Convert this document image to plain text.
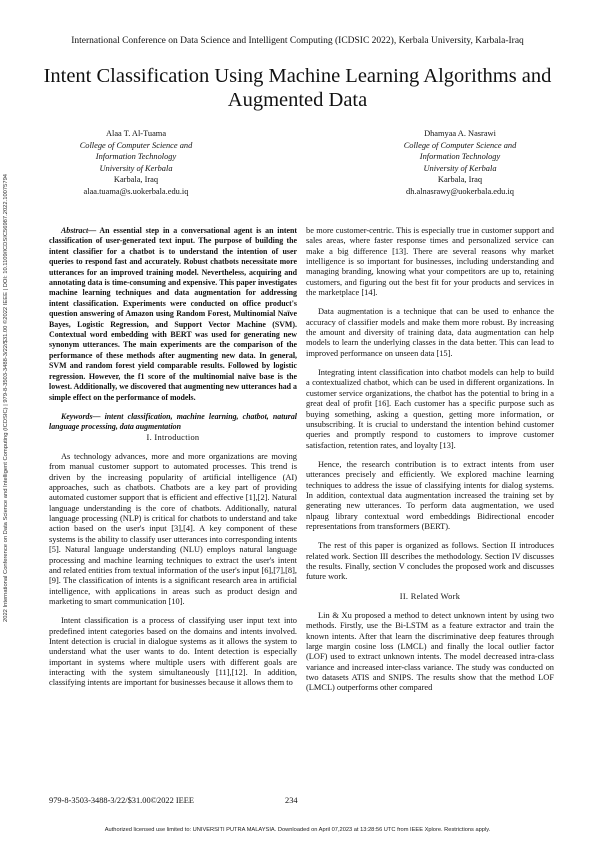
International Conference on Data Science and Intelligent Computing (ICDSIC 2022), Kerbala University, Karbala-Iraq
Intent Classification Using Machine Learning Algorithms and Augmented Data
Alaa T. Al-Tuama
College of Computer Science and
Information Technology
University of Kerbala
Karbala, Iraq
alaa.tuama@s.uokerbala.edu.iq
Dhamyaa A. Nasrawi
College of Computer Science and
Information Technology
University of Kerbala
Karbala, Iraq
dh.alnasrawy@uokerbala.edu.iq
2022 International Conference on Data Science and Intelligent Computing (ICDSIC) | 979-8-3503-3488-3/22/$31.00 ©2022 IEEE | DOI: 10.1109/ICDSIC56987.2022.10075794	Abstract— An essential step in a conversational agent is an intent classification of user-generated text input. The purpose of building the intent classifier for a chatbot is to understand the intention of user queries to respond fast and accurately. Robust chatbots necessitate more utterances for an improved training model. Nevertheless, acquiring and annotating data is time-consuming and expensive. This paper investigates machine learning techniques and data augmentation for addressing intent classification. Experiments were conducted on office product's question answering of Amazon using Random Forest, Multinomial Naïve Bayes, Logistic Regression, and Support Vector Machine (SVM). Contextual word embedding with BERT was used for generating new synonym utterances. The main experiments are the comparison of the performance of these methods after augmenting new data. In general, SVM and random forest yield comparable results. Followed by logistic regression. However, the f1 score of the multinomial naïve base is the lowest. Additionally, we discovered that augmenting new utterances had a simple effect on the performance of models.
Keywords— intent classification, machine learning, chatbot, natural language processing, data augmentation

I. Introduction

As technology advances, more and more organizations are moving from manual customer support to automated processes. This trend is driven by the increasing popularity of artificial intelligence (AI) approaches, such as chatbots. Chatbots are a key part of providing automated customer support that is efficient and effective [1],[2]. Natural language understanding is the core of chatbots. Additionally, natural language processing (NLP) is critical for chatbots to understand and take action based on the user's input [3],[4]. A key component of these systems is the ability to classify user utterances into corresponding intents [5]. Natural language understanding (NLU) employs natural language processing and machine learning techniques to extract the user's intent and related entities from textual information of the user's input [6],[7],[8],[9]. The classification of intents is a significant research area in artificial intelligence, with applications in areas such as product design and marketing to smart communication [10].

Intent classification is a process of classifying user input text into predefined intent categories based on the domains and intents involved. Intent detection is crucial in dialogue systems as it allows the system to understand what the user wants to do. Intent detection is especially important in systems where multiple users with different goals are interacting with the system simultaneously [11],[12]. In addition, classifying intents are important for businesses because it allows them to

be more customer-centric. This is especially true in customer support and sales areas, where faster response times and personalized service can make a big difference [13]. There are several reasons why market intelligence is so important for businesses, including understanding and managing branding, knowing what your competitors are up to, retaining customers, and figuring out the best fit for your products and services in the marketplace [14].

Data augmentation is a technique that can be used to enhance the accuracy of classifier models and make them more robust. By increasing the amount and diversity of training data, data augmentation can help models to learn the underlying classes in the data better. This can lead to improved performance on unseen data [15].

Integrating intent classification into chatbot models can help to build a contextualized chatbot, which can be used in different organizations. In customer service organizations, the chatbot has the potential to bring in a great deal of profit [16]. Each customer has a specific purpose such as buying something, asking a question, getting more information, or unsubscribing. It is crucial to understand the intention behind customer queries and promptly respond to customers to improve customer satisfaction, retention rates, and loyalty [13].

Hence, the research contribution is to extract intents from user utterances precisely and efficiently. We explored machine learning techniques to address the issue of classifying intents for dialog systems. In addition, contextual data augmentation increased the training set by generating new utterances. To perform data augmentation, we used nlpaug library contextual word embeddings Bidirectional encoder representations from transformers (BERT).

The rest of this paper is organized as follows. Section II introduces related work. Section III describes the methodology. Section IV discusses the results. Finally, section V concludes the proposed work and discusses future work.

II. Related Work

Lin & Xu proposed a method to detect unknown intent by using two methods. Firstly, use the Bi-LSTM as a feature extractor and train the known intents. After that learn the discriminative deep features through large margin cosine loss (LMCL) and finally the local outlier factor (LOF) used to extract unknown intents. The model decreased intra-class variance and increased inter-class variance. The study was conducted on two datasets ATIS and SNIPS. The results show that the method LOF (LMCL) outperforms other compared

979-8-3503-3488-3/22/$31.00©2022 IEEE	234
Authorized licensed use limited to: UNIVERSITI PUTRA MALAYSIA. Downloaded on April 07,2023 at 13:28:56 UTC from IEEE Xplore. Restrictions apply.
